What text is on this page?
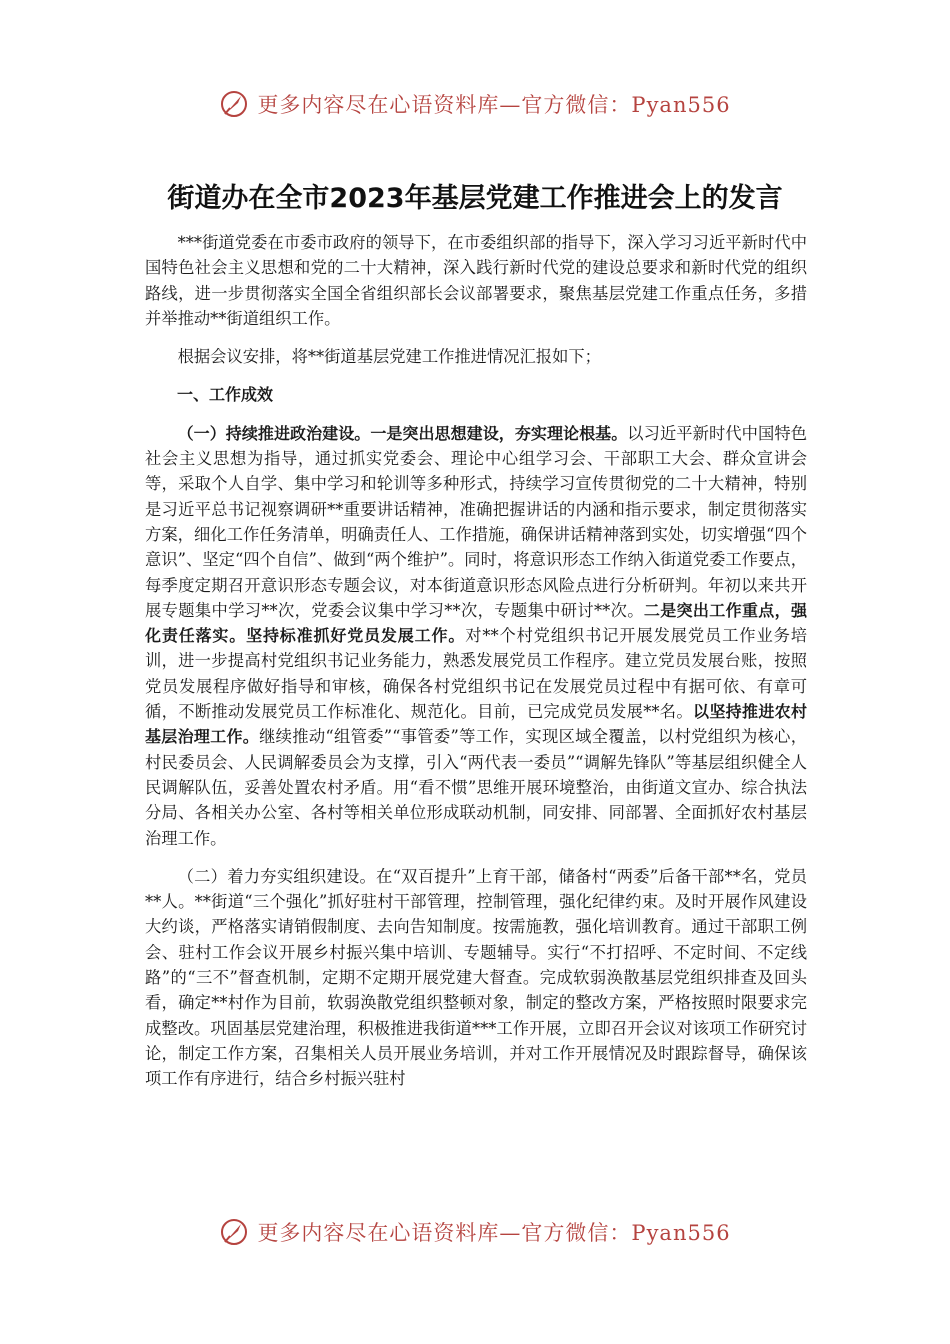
更多内容尽在心语资料库—官方微信：Pyan556
街道办在全市2023年基层党建工作推进会上的发言

***街道党委在市委市政府的领导下，在市委组织部的指导下，深入学习习近平新时代中国特色社会主义思想和党的二十大精神，深入践行新时代党的建设总要求和新时代党的组织路线，进一步贯彻落实全国全省组织部长会议部署要求，聚焦基层党建工作重点任务，多措并举推动**街道组织工作。

根据会议安排，将**街道基层党建工作推进情况汇报如下；

一、工作成效

（一）持续推进政治建设。一是突出思想建设，夯实理论根基。以习近平新时代中国特色社会主义思想为指导，通过抓实党委会、理论中心组学习会、干部职工大会、群众宣讲会等，采取个人自学、集中学习和轮训等多种形式，持续学习宣传贯彻党的二十大精神，特别是习近平总书记视察调研**重要讲话精神，准确把握讲话的内涵和指示要求，制定贯彻落实方案，细化工作任务清单，明确责任人、工作措施，确保讲话精神落到实处，切实增强“四个意识”、坚定“四个自信”、做到“两个维护”。同时，将意识形态工作纳入街道党委工作要点，每季度定期召开意识形态专题会议，对本街道意识形态风险点进行分析研判。年初以来共开展专题集中学习**次，党委会议集中学习**次，专题集中研讨**次。二是突出工作重点，强化责任落实。坚持标准抓好党员发展工作。对**个村党组织书记开展发展党员工作业务培训，进一步提高村党组织书记业务能力，熟悉发展党员工作程序。建立党员发展台账，按照党员发展程序做好指导和审核，确保各村党组织书记在发展党员过程中有据可依、有章可循，不断推动发展党员工作标准化、规范化。目前，已完成党员发展**名。以坚持推进农村基层治理工作。继续推动“组管委”“事管委”等工作，实现区域全覆盖，以村党组织为核心，村民委员会、人民调解委员会为支撑，引入“两代表一委员”“调解先锋队”等基层组织健全人民调解队伍，妥善处置农村矛盾。用“看不惯”思维开展环境整治，由街道文宣办、综合执法分局、各相关办公室、各村等相关单位形成联动机制，同安排、同部署、全面抓好农村基层治理工作。

（二）着力夯实组织建设。在“双百提升”上育干部，储备村“两委”后备干部**名，党员**人。**街道“三个强化”抓好驻村干部管理，控制管理，强化纪律约束。及时开展作风建设大约谈，严格落实请销假制度、去向告知制度。按需施教，强化培训教育。通过干部职工例会、驻村工作会议开展乡村振兴集中培训、专题辅导。实行“不打招呼、不定时间、不定线路”的“三不”督查机制，定期不定期开展党建大督查。完成软弱涣散基层党组织排查及回头看，确定**村作为目前，软弱涣散党组织整顿对象，制定的整改方案，严格按照时限要求完成整改。巩固基层党建治理，积极推进我街道***工作开展，立即召开会议对该项工作研究讨论，制定工作方案，召集相关人员开展业务培训，并对工作开展情况及时跟踪督导，确保该项工作有序进行，结合乡村振兴驻村

更多内容尽在心语资料库—官方微信：Pyan556
